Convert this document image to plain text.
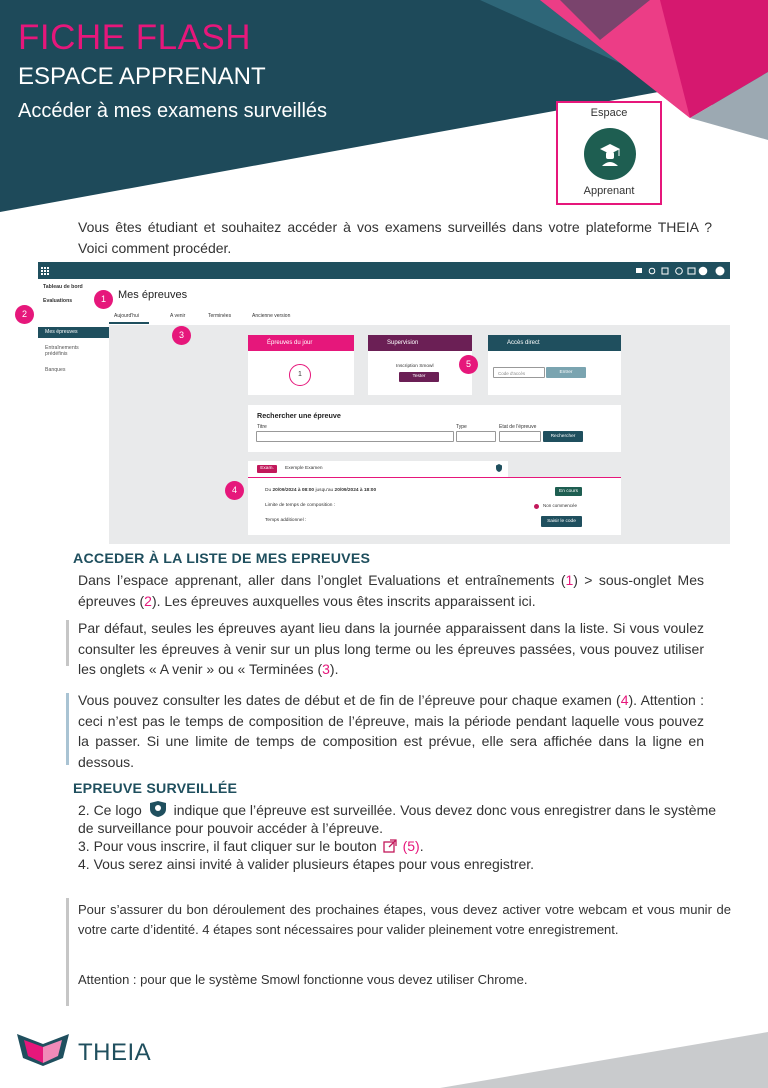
FICHE FLASH
ESPACE APPRENANT
Accéder à mes examens surveillés	Espace
Apprenant
Vous êtes étudiant et souhaitez accéder à vos examens surveillés dans votre plateforme THEIA ? Voici comment procéder.
Tableau de bord
Evaluations
Mes épreuves
Entraînements prédéfinis
Banques
Mes épreuves
Aujourd'hui	A venir	Terminées	Ancienne version
Épreuves du jour
1
Supervision
Inscription Smowl
Tester
Accès direct
Code d'accès	Entrer
Rechercher une épreuve
Titre	Type	Etat de l'épreuve
Rechercher
Exam.	Exemple Examen
Du 20/09/2024 à 08:00 jusqu'au 20/09/2024 à 18:00
Limite de temps de composition :
Temps additionnel :
En cours
Non commencée
Saisir le code
1
3
4
5
2
ACCEDER À LA LISTE DE MES EPREUVES
Dans l’espace apprenant, aller dans l’onglet Evaluations et entraînements (1) > sous-onglet Mes épreuves (2). Les épreuves auxquelles vous êtes inscrits apparaissent ici.
Par défaut, seules les épreuves ayant lieu dans la journée apparaissent dans la liste. Si vous voulez consulter les épreuves à venir sur un plus long terme ou les épreuves passées, vous pouvez utiliser les onglets « A venir » ou « Terminées (3).
Vous pouvez consulter les dates de début et de fin de l’épreuve pour chaque examen (4). Attention : ceci n’est pas le temps de composition de l’épreuve, mais la période pendant laquelle vous pouvez la passer. Si une limite de temps de composition est prévue, elle sera affichée dans la ligne en dessous.
EPREUVE SURVEILLÉE
2. Ce logo indique que l’épreuve est surveillée. Vous devez donc vous enregistrer dans le système de surveillance pour pouvoir accéder à l’épreuve.
3. Pour vous inscrire, il faut cliquer sur le bouton (5).
4. Vous serez ainsi invité à valider plusieurs étapes pour vous enregistrer.
Pour s’assurer du bon déroulement des prochaines étapes, vous devez activer votre webcam et vous munir de votre carte d’identité. 4 étapes sont nécessaires pour valider pleinement votre enregistrement.
Attention : pour que le système Smowl fonctionne vous devez utiliser Chrome.
THEIA
